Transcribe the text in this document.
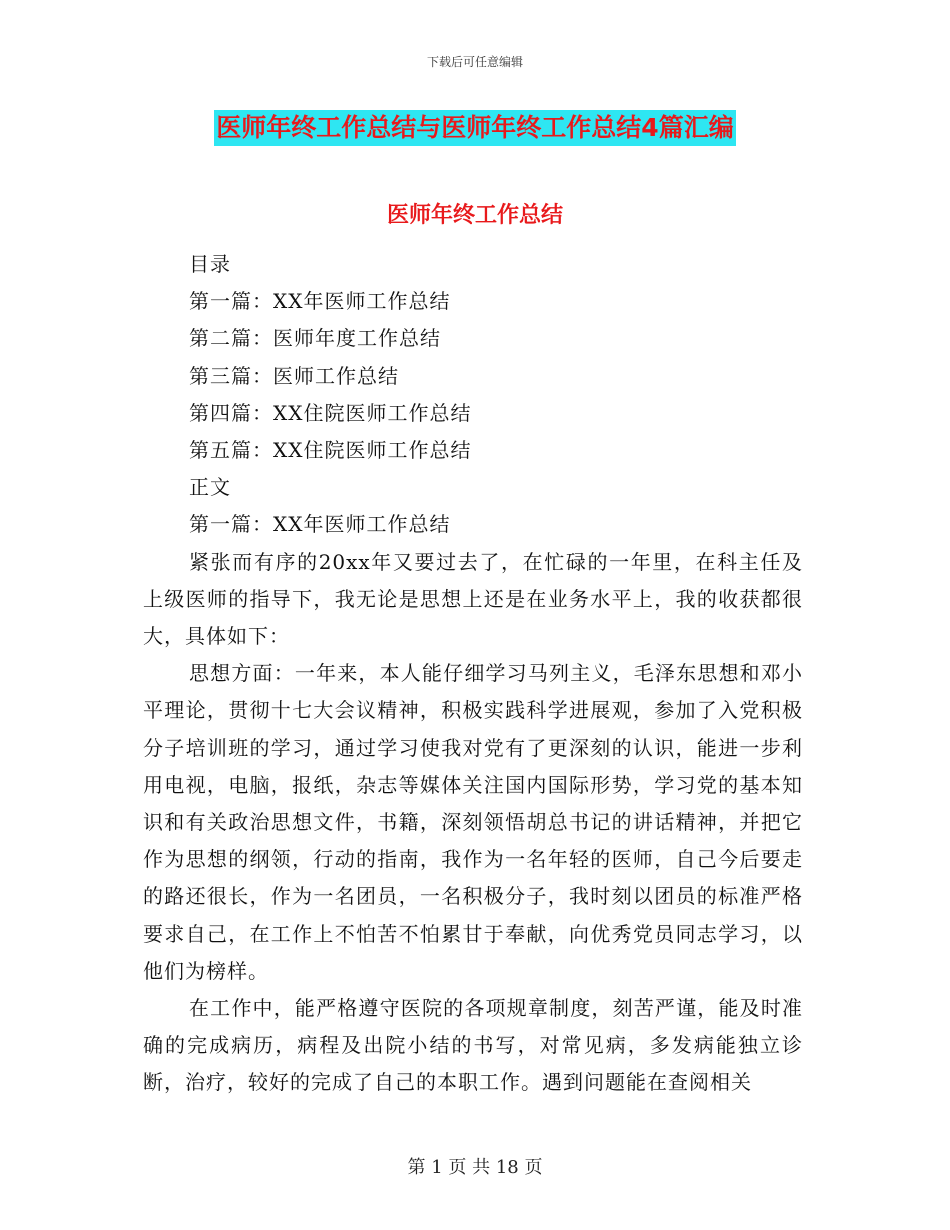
下载后可任意编辑
医师年终工作总结与医师年终工作总结4篇汇编
医师年终工作总结
目录
第一篇：XX年医师工作总结
第二篇：医师年度工作总结
第三篇：医师工作总结
第四篇：XX住院医师工作总结
第五篇：XX住院医师工作总结
正文
第一篇：XX年医师工作总结
紧张而有序的20xx年又要过去了，在忙碌的一年里，在科主任及上级医师的指导下，我无论是思想上还是在业务水平上，我的收获都很大，具体如下：
思想方面：一年来，本人能仔细学习马列主义，毛泽东思想和邓小平理论，贯彻十七大会议精神，积极实践科学进展观，参加了入党积极分子培训班的学习，通过学习使我对党有了更深刻的认识，能进一步利用电视，电脑，报纸，杂志等媒体关注国内国际形势，学习党的基本知识和有关政治思想文件，书籍，深刻领悟胡总书记的讲话精神，并把它作为思想的纲领，行动的指南，我作为一名年轻的医师，自己今后要走的路还很长，作为一名团员，一名积极分子，我时刻以团员的标准严格要求自己，在工作上不怕苦不怕累甘于奉献，向优秀党员同志学习，以他们为榜样。
在工作中，能严格遵守医院的各项规章制度，刻苦严谨，能及时准确的完成病历，病程及出院小结的书写，对常见病，多发病能独立诊断，治疗，较好的完成了自己的本职工作。遇到问题能在查阅相关
第 1 页 共 18 页
